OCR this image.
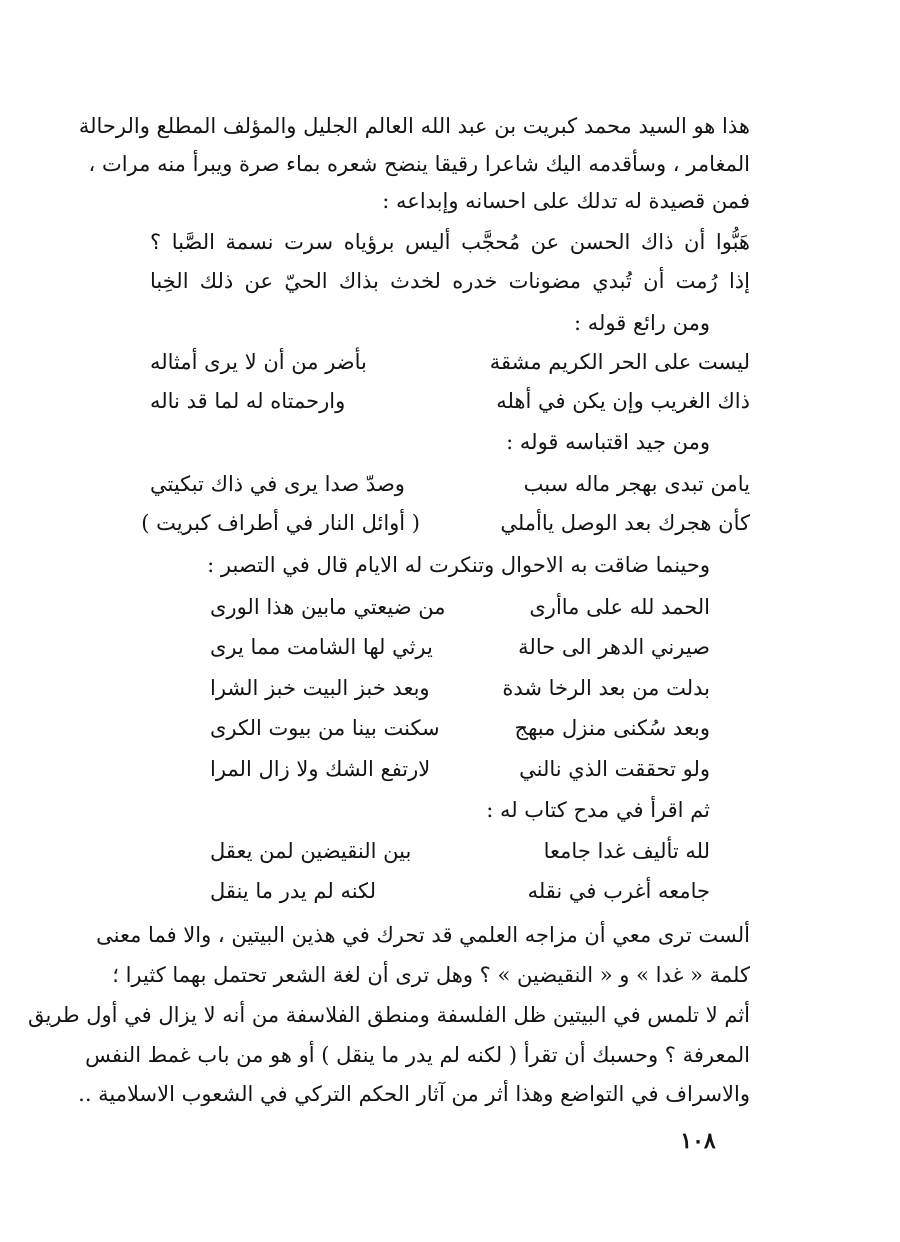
هذا هو السيد محمد كبريت بن عبد الله العالم الجليل والمؤلف المطلع والرحالة
المغامر ، وسأقدمه اليك شاعرا رقيقا ينضح شعره بماء صرة ويبرأ منه مرات ،
فمن قصيدة له تدلك على احسانه وإبداعه :
هَبُّوا أن ذاك الحسن عن مُحجَّب أليس برؤياه سرت نسمة الصَّبا ؟
إذا رُمت أن تُبدي مضونات خدره لخدث بذاك الحيّ عن ذلك الخِبا
ومن رائع قوله :
ليست على الحر الكريم مشقة
بأضر من أن لا يرى أمثاله
ذاك الغريب وإن يكن في أهله
وارحمتاه له لما قد ناله
ومن جيد اقتباسه قوله :
يامن تبدى بهجر ماله سبب
وصدّ صدا يرى في ذاك تبكيتي
كأن هجرك بعد الوصل ياأملي
( أوائل النار في أطراف كبريت )
وحينما ضاقت به الاحوال وتنكرت له الايام قال في التصبر :
الحمد لله على ماأرى
من ضيعتي مابين هذا الورى
صيرني الدهر الى حالة
يرثي لها الشامت مما يرى
بدلت من بعد الرخا شدة
وبعد خبز البيت خبز الشرا
وبعد سُكنى منزل مبهج
سكنت بينا من بيوت الكرى
ولو تحققت الذي نالني
لارتفع الشك ولا زال المرا
ثم اقرأ في مدح كتاب له :
لله تأليف غدا جامعا
بين النقيضين لمن يعقل
جامعه أغرب في نقله
لكنه لم يدر ما ينقل
ألست ترى معي أن مزاجه العلمي قد تحرك في هذين البيتين ، والا فما معنى
كلمة « غدا » و « النقيضين » ؟ وهل ترى أن لغة الشعر تحتمل بهما كثيرا ؛
أثم لا تلمس في البيتين ظل الفلسفة ومنطق الفلاسفة من أنه لا يزال في أول طريق
المعرفة ؟ وحسبك أن تقرأ ( لكنه لم يدر ما ينقل ) أو هو من باب غمط النفس
والاسراف في التواضع وهذا أثر من آثار الحكم التركي في الشعوب الاسلامية ..
١٠٨
